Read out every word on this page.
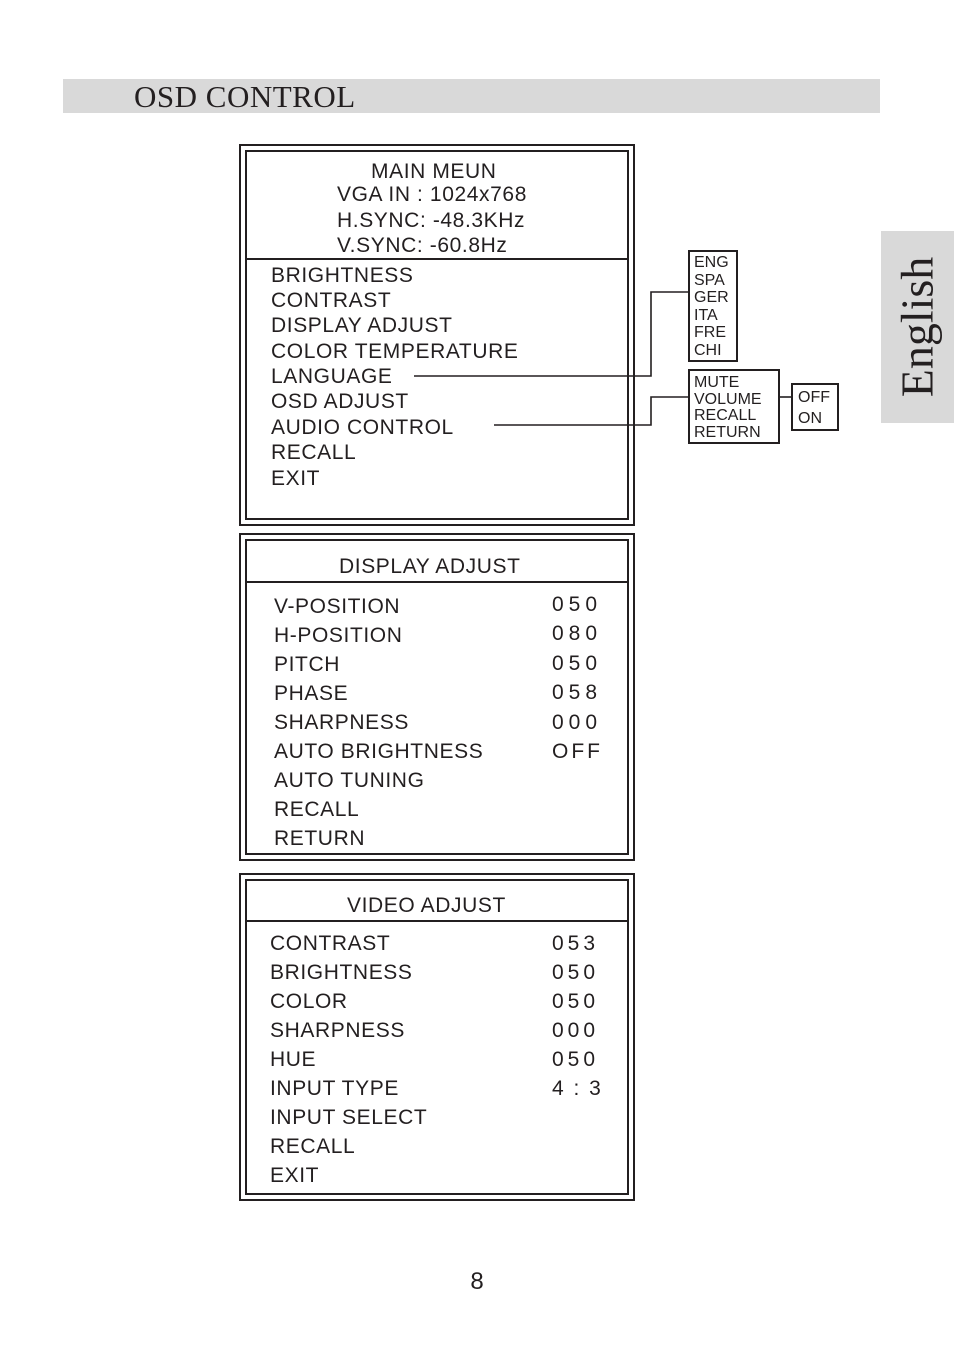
OSD CONTROL
English
MAIN MEUN
VGA IN : 1024x768
H.SYNC: -48.3KHz
V.SYNC: -60.8Hz
BRIGHTNESS
CONTRAST
DISPLAY ADJUST
COLOR TEMPERATURE
LANGUAGE
OSD ADJUST
AUDIO CONTROL
RECALL
EXIT
ENG
SPA
GER
ITA
FRE
CHI
MUTE
VOLUME
RECALL
RETURN
OFF
ON
DISPLAY ADJUST
V-POSITION
H-POSITION
PITCH
PHASE
SHARPNESS
AUTO BRIGHTNESS
AUTO TUNING
RECALL
RETURN
050
080
050
058
000
OFF
VIDEO ADJUST
CONTRAST
BRIGHTNESS
COLOR
SHARPNESS
HUE
INPUT TYPE
INPUT SELECT
RECALL
EXIT
053
050
050
000
050
4 : 3
8
